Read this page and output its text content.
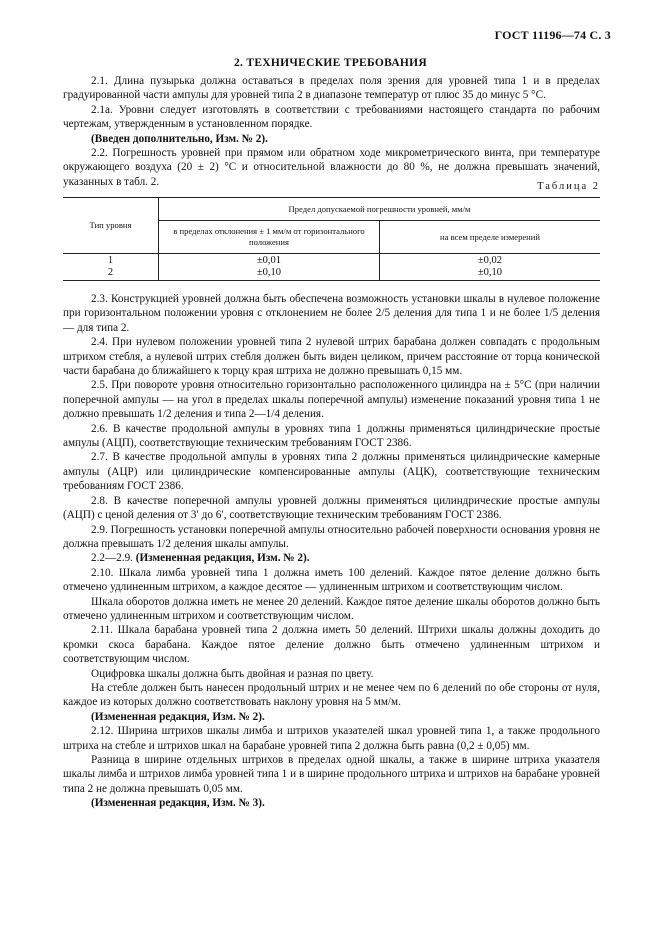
ГОСТ 11196—74 С. 3
2. ТЕХНИЧЕСКИЕ ТРЕБОВАНИЯ

2.1. Длина пузырька должна оставаться в пределах поля зрения для уровней типа 1 и в пределах градуированной части ампулы для уровней типа 2 в диапазоне температур от плюс 35 до минус 5 °С.

2.1а. Уровни следует изготовлять в соответствии с требованиями настоящего стандарта по рабочим чертежам, утвержденным в установленном порядке.

(Введен дополнительно, Изм. № 2).

2.2. Погрешность уровней при прямом или обратном ходе микрометрического винта, при температуре окружающего воздуха (20 ± 2) °С и относительной влажности до 80 %, не должна превышать значений, указанных в табл. 2.	Таблица 2
Тип уровня	Предел допускаемой погрешности уровней, мм/м	
	в пределах отклонения ± 1 мм/м от горизонтального положения	на всем пределе измерений
1	±0,01	±0,02
2	±0,10	±0,10

2.3. Конструкцией уровней должна быть обеспечена возможность установки шкалы в нулевое положение при горизонтальном положении уровня с отклонением не более 2/5 деления для типа 1 и не более 1/5 деления — для типа 2.

2.4. При нулевом положении уровней типа 2 нулевой штрих барабана должен совпадать с продольным штрихом стебля, а нулевой штрих стебля должен быть виден целиком, причем расстояние от торца конической части барабана до ближайшего к торцу края штриха не должно превышать 0,15 мм.

2.5. При повороте уровня относительно горизонтально расположенного цилиндра на ± 5°С (при наличии поперечной ампулы — на угол в пределах шкалы поперечной ампулы) изменение показаний уровня типа 1 не должно превышать 1/2 деления и типа 2—1/4 деления.

2.6. В качестве продольной ампулы в уровнях типа 1 должны применяться цилиндрические простые ампулы (АЦП), соответствующие техническим требованиям ГОСТ 2386.

2.7. В качестве продольной ампулы в уровнях типа 2 должны применяться цилиндрические камерные ампулы (АЦР) или цилиндрические компенсированные ампулы (АЦК), соответствующие техническим требованиям ГОСТ 2386.

2.8. В качестве поперечной ампулы уровней должны применяться цилиндрические простые ампулы (АЦП) с ценой деления от 3′ до 6′, соответствующие техническим требованиям ГОСТ 2386.

2.9. Погрешность установки поперечной ампулы относительно рабочей поверхности основания уровня не должна превышать 1/2 деления шкалы ампулы.

2.2—2.9. (Измененная редакция, Изм. № 2).

2.10. Шкала лимба уровней типа 1 должна иметь 100 делений. Каждое пятое деление должно быть отмечено удлиненным штрихом, а каждое десятое — удлиненным штрихом и соответствующим числом.

Шкала оборотов должна иметь не менее 20 делений. Каждое пятое деление шкалы оборотов должно быть отмечено удлиненным штрихом и соответствующим числом.

2.11. Шкала барабана уровней типа 2 должна иметь 50 делений. Штрихи шкалы должны доходить до кромки скоса барабана. Каждое пятое деление должно быть отмечено удлиненным штрихом и соответствующим числом.

Оцифровка шкалы должна быть двойная и разная по цвету.

На стебле должен быть нанесен продольный штрих и не менее чем по 6 делений по обе стороны от нуля, каждое из которых должно соответствовать наклону уровня на 5 мм/м.

(Измененная редакция, Изм. № 2).

2.12. Ширина штрихов шкалы лимба и штрихов указателей шкал уровней типа 1, а также продольного штриха на стебле и штрихов шкал на барабане уровней типа 2 должна быть равна (0,2 ± 0,05) мм.

Разница в ширине отдельных штрихов в пределах одной шкалы, а также в ширине штриха указателя шкалы лимба и штрихов лимба уровней типа 1 и в ширине продольного штриха и штрихов на барабане уровней типа 2 не должна превышать 0,05 мм.

(Измененная редакция, Изм. № 3).
